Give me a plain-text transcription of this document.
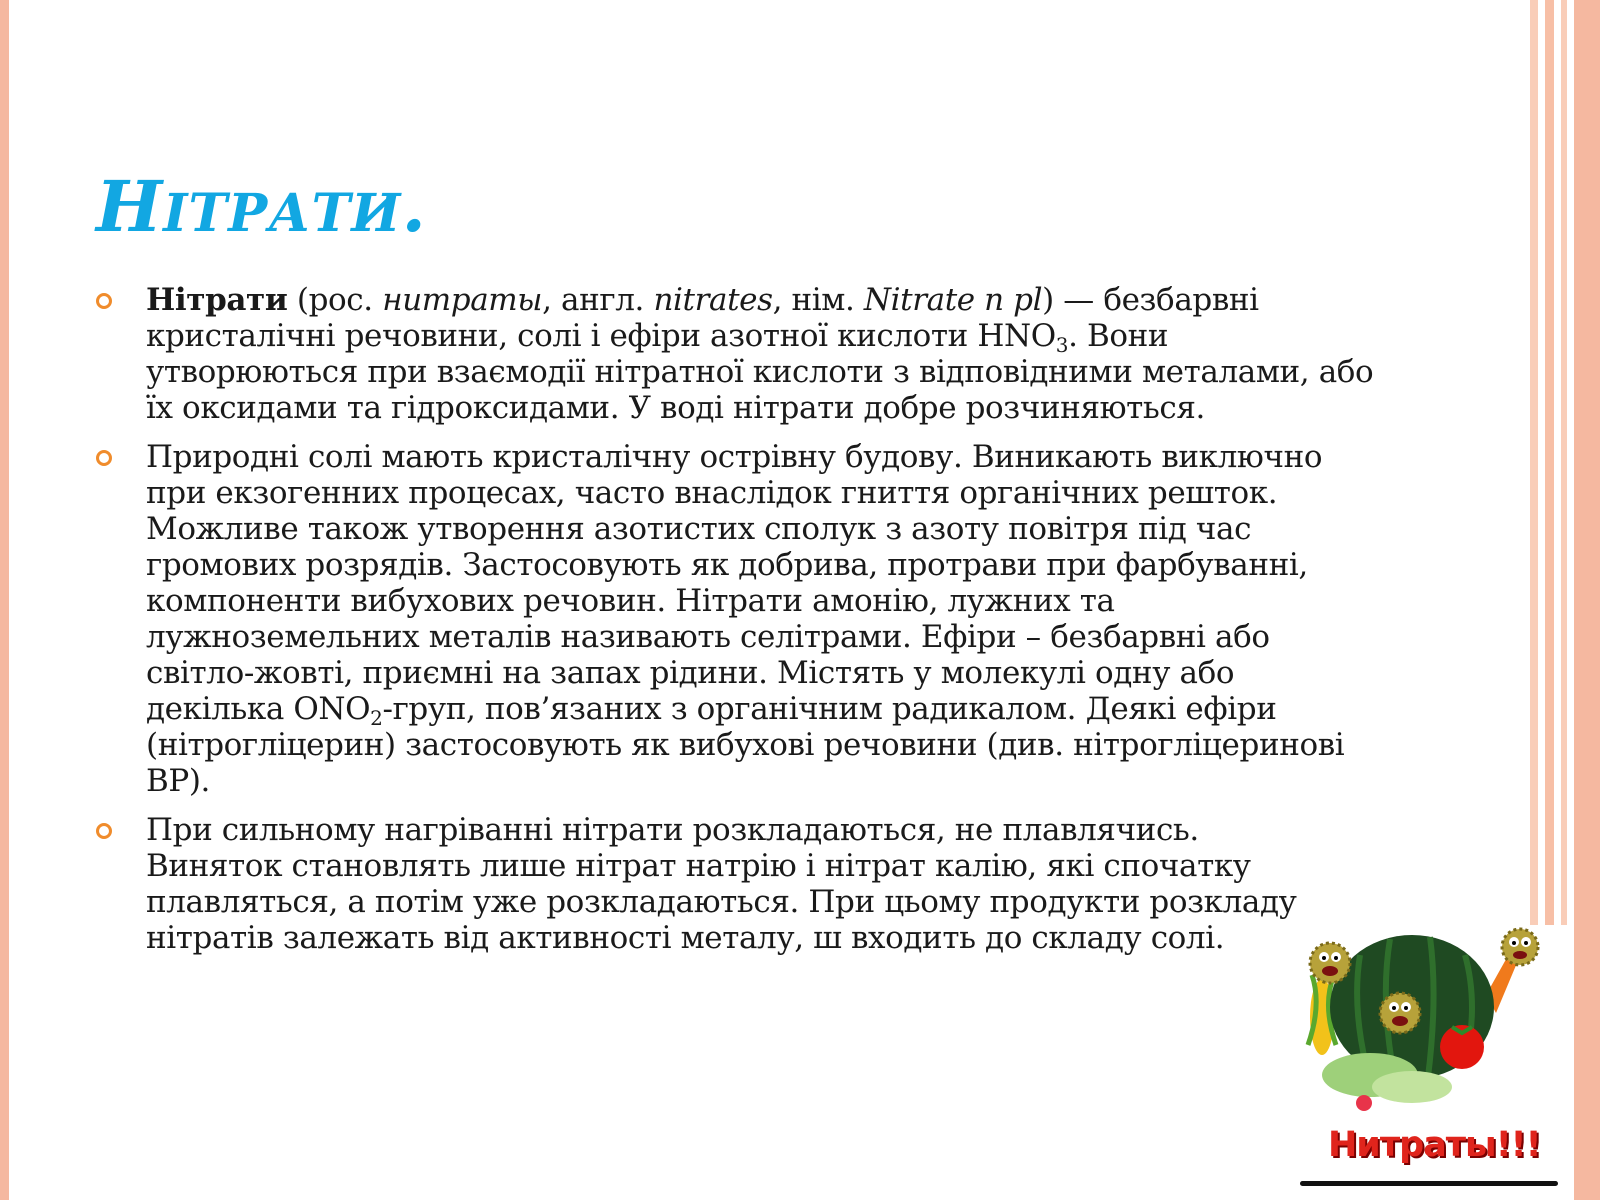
НІТРАТИ.

Нітрати (рос. нитраты, англ. nitrates, нім. Nitrate n pl) — безбарвні кристалічні речовини, солі і ефіри азотної кислоти $HNO_3$. Вони утворюються при взаємодії нітратної кислоти з відповідними металами, або їх оксидами та гідроксидами. У воді нітрати добре розчиняються.

Природні солі мають кристалічну острівну будову. Виникають виключно при екзогенних процесах, часто внаслідок гниття органічних решток. Можливе також утворення азотистих сполук з азоту повітря під час громових розрядів. Застосовують як добрива, протрави при фарбуванні, компоненти вибухових речовин. Нітрати амонію, лужних та лужноземельних металів називають селітрами. Ефіри – безбарвні або світло-жовті, приємні на запах рідини. Містять у молекулі одну або декілька $ONO_2$-груп, пов’язаних з органічним радикалом. Деякі ефіри (нітрогліцерин) застосовують як вибухові речовини (див. нітрогліцеринові ВР).

При сильному нагріванні нітрати розкладаються, не плавлячись. Виняток становлять лише нітрат натрію і нітрат калію, які спочатку плавляться, а потім уже розкладаються. При цьому продукти розкладу нітратів залежать від активності металу, ш входить до складу солі.

Нитраты!!!
